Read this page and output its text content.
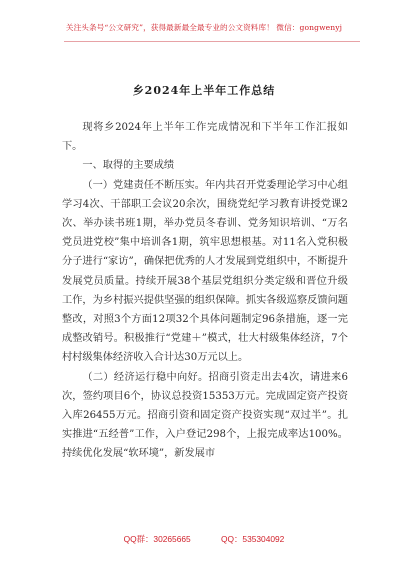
关注头条号“公文研究”，获得最新最全最专业的公文资料库！ 微信：gongwenyj
乡2024年上半年工作总结

现将乡2024年上半年工作完成情况和下半年工作汇报如下。

一、取得的主要成绩

（一）党建责任不断压实。年内共召开党委理论学习中心组学习4次、干部职工会议20余次，围绕党纪学习教育讲授党课2次、举办读书班1期，举办党员冬春训、党务知识培训、“万名党员进党校”集中培训各1期，筑牢思想根基。对11名入党积极分子进行“家访”，确保把优秀的人才发展到党组织中，不断提升发展党员质量。持续开展38个基层党组织分类定级和晋位升级工作，为乡村振兴提供坚强的组织保障。抓实各级巡察反馈问题整改，对照3个方面12项32个具体问题制定96条措施，逐一完成整改销号。积极推行“党建＋”模式，壮大村级集体经济，7个村村级集体经济收入合计达30万元以上。

（二）经济运行稳中向好。招商引资走出去4次，请进来6次，签约项目6个，协议总投资15353万元。完成固定资产投资入库26455万元。招商引资和固定资产投资实现“双过半”。扎实推进“五经普”工作，入户登记298个，上报完成率达100%。持续优化发展“软环境”，新发展市

QQ群：30265665	QQ：535304092
